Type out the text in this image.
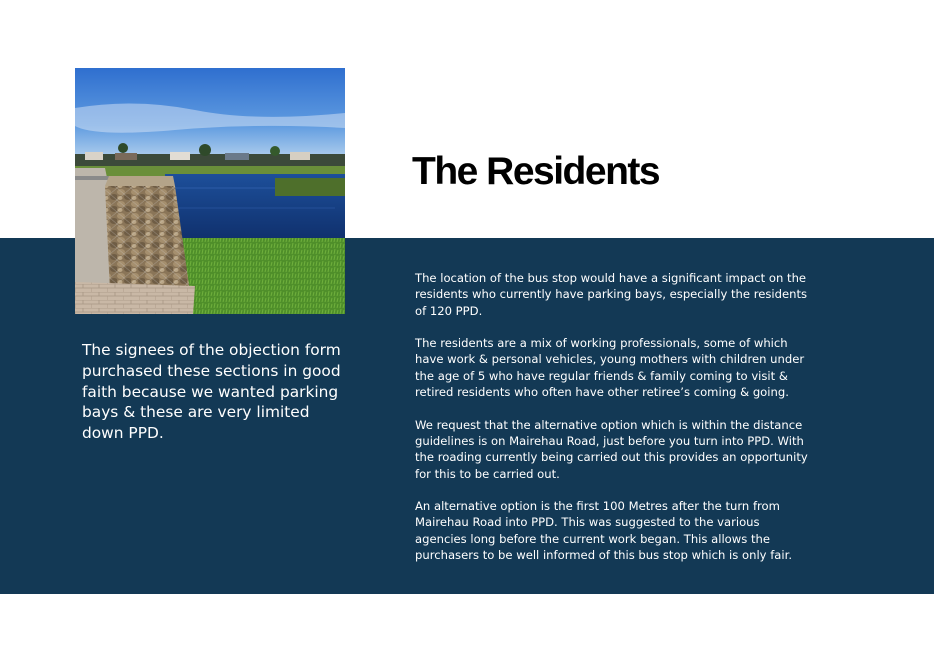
The Residents

The signees of the objection form purchased these sections in good faith because we wanted parking bays & these are very limited down PPD.

The location of the bus stop would have a significant impact on the residents who currently have parking bays, especially the residents of 120 PPD.

The residents are a mix of working professionals, some of which have work & personal vehicles, young mothers with children under the age of 5 who have regular friends & family coming to visit & retired residents who often have other retiree’s coming & going.

We request that the alternative option which is within the distance guidelines is on Mairehau Road, just before you turn into PPD. With the roading currently being carried out this provides an opportunity for this to be carried out.

An alternative option is the first 100 Metres after the turn from Mairehau Road into PPD. This was suggested to the various agencies long before the current work began. This allows the purchasers to be well informed of this bus stop which is only fair.
